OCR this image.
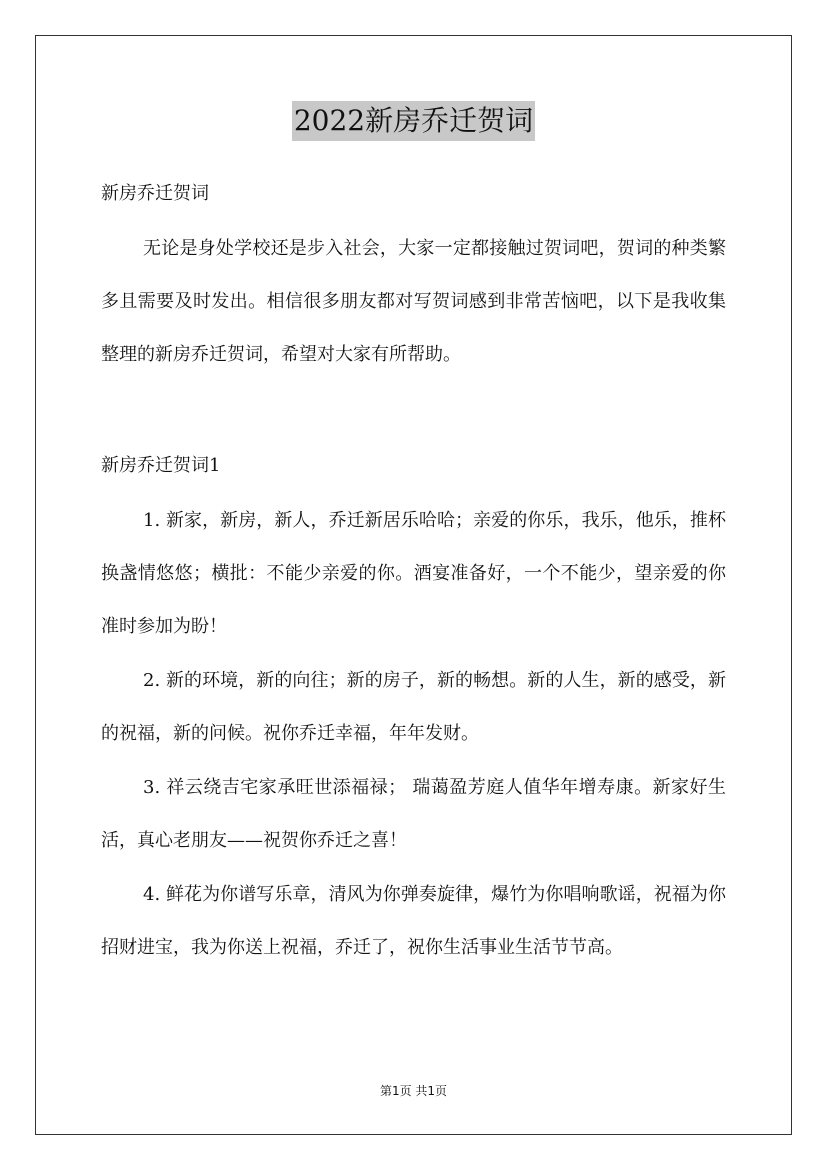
2022新房乔迁贺词

新房乔迁贺词

无论是身处学校还是步入社会，大家一定都接触过贺词吧，贺词的种类繁多且需要及时发出。相信很多朋友都对写贺词感到非常苦恼吧，以下是我收集整理的新房乔迁贺词，希望对大家有所帮助。

新房乔迁贺词1

1. 新家，新房，新人，乔迁新居乐哈哈；亲爱的你乐，我乐，他乐，推杯换盏情悠悠；横批：不能少亲爱的你。酒宴准备好，一个不能少，望亲爱的你准时参加为盼！

2. 新的环境，新的向往；新的房子，新的畅想。新的人生，新的感受，新的祝福，新的问候。祝你乔迁幸福，年年发财。

3. 祥云绕吉宅家承旺世添福禄； 瑞蔼盈芳庭人值华年增寿康。新家好生活，真心老朋友——祝贺你乔迁之喜！

4. 鲜花为你谱写乐章，清风为你弹奏旋律，爆竹为你唱响歌谣，祝福为你招财进宝，我为你送上祝福，乔迁了，祝你生活事业生活节节高。

第1页 共1页
